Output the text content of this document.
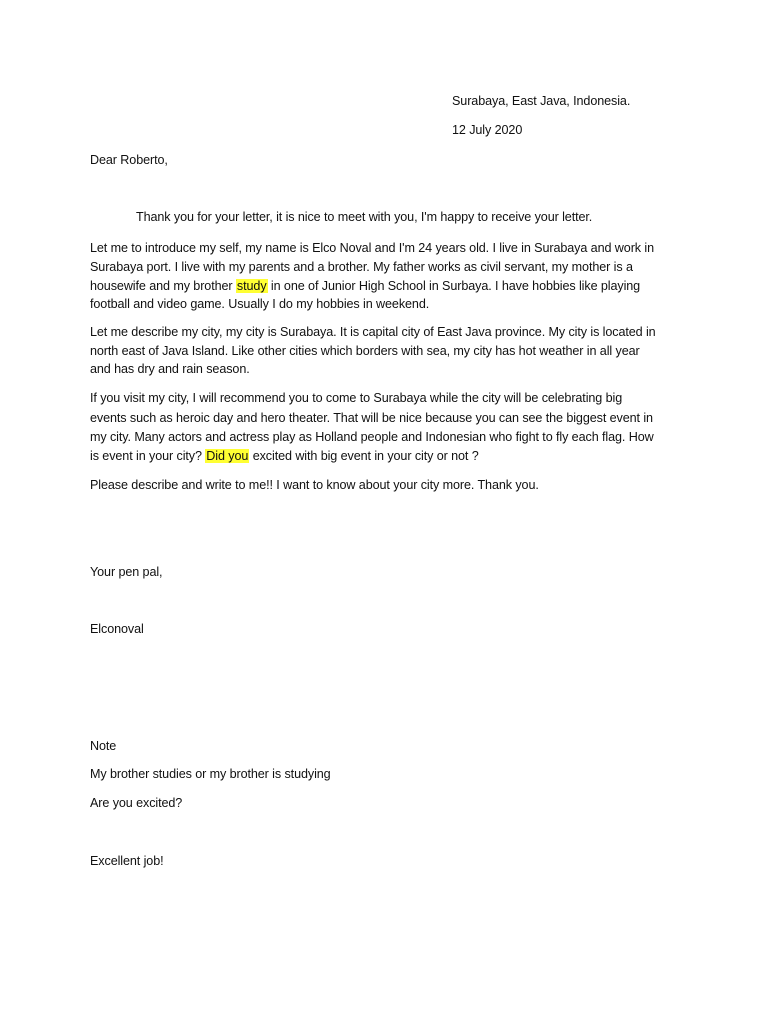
Surabaya, East Java, Indonesia.
12 July 2020
Dear Roberto,
Thank you for your letter, it is nice to meet with you, I'm happy to receive your letter.
Let me to introduce my self, my name is Elco Noval and I'm 24 years old. I live in Surabaya and work in
Surabaya port. I live with my parents and a brother. My father works as civil servant, my mother is a
housewife and my brother study in one of Junior High School in Surbaya. I have hobbies like playing
football and video game. Usually I do my hobbies in weekend.
Let me describe my city, my city is Surabaya. It is capital city of East Java province. My city is located in
north east of Java Island. Like other cities which borders with sea, my city has hot weather in all year
and has dry and rain season.
If you visit my city, I will recommend you to come to Surabaya while the city will be celebrating big
events such as heroic day and hero theater. That will be nice because you can see the biggest event in
my city. Many actors and actress play as Holland people and Indonesian who fight to fly each flag. How
is event in your city? Did you excited with big event in your city or not ?
Please describe and write to me!! I want to know about your city more. Thank you.
Your pen pal,
Elconoval
Note
My brother studies or my brother is studying
Are you excited?
Excellent job!
